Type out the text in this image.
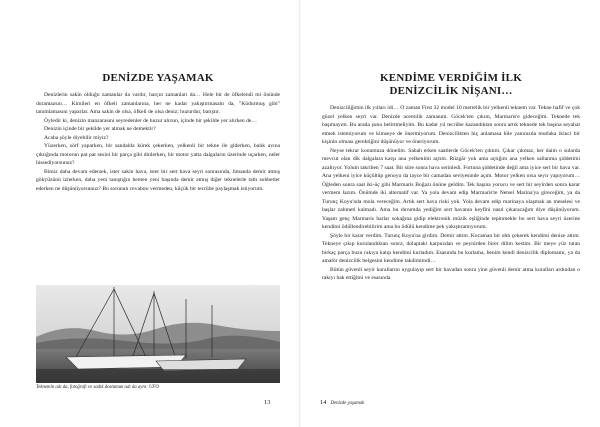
DENİZDE YAŞAMAK

Denizlerin sakin olduğu zamanlar da vardır, harçın zamanları da… Hele bir de öfkelendi mi önünde duramazsın… Kimileri en öfkeli zamanlarına, her ne kadar yakıştırmasam da, "Küdurmuş gibi" tanımlamasını yaparlar. Ama sakin de olsa, öfkeli de olsa deniz; huzurdur, barıştır.

Öyledir ki, denizin manzarasını seyredenler de huzur alırsın, içinde bir şekilde yer alırken de…

Denizin içinde bir şekilde yer almak ne demektir?

Acaba şöyle diyebilir miyiz?

Yüzerken, sörf yaparken, bir sandalda kürek çekerken, yelkenli bir tekne ile giderken, balık avına çıktığında motorun pat pat sesini bir parça gibi dinlerken, bir motor yatta dalgaların üzerinde uçarken, neler hissediyorsunuz?

Bimiz daha devam edersek, ister sakin hava, ister bir sert hava seyri sonrasında, limanda demir atmış gökyüzünü izlerken, daha yeni tanıştığın hemen yeni başında demir atmış diğer teknelerle tatlı sohbetler ederken ne düşünüyorsunuz? Bu sorunun cevabını vermeden, küçük bir tecrübe paylaşmak istiyorum.

Teknemin adı da, fotoğrafı ve sadık dostumun adı da aynı: UFO
13
KENDİME VERDİĞİM İLK
DENİZCİLİK NİŞANI…

Denizciliğimin ilk yılları idi… O zaman First 32 model 10 metrelik bir yelkenli teknem var. Tekne hafif ve çok güzel yelken seyri var. Denizde acemilik zamanım. Göcek'ten çıkım, Marmaris'e gideceğim. Teknede tek başımayım. Bu arada şunu belirtmeliyim. Bu kadar yıl tecrübe kazandıktan sonra artık teknede tek başına seyahat etmek istemiyorum ve kimseye de önermiyorum. Denizcilikten hiç anlamasa bile yanınızda mutlaka ikinci bir kişinin olması gerektiğini düşünüyor ve öneriyorum.

Neyse tekrar konumuza dönelim. Sabah erken saatlerde Göcek'ten çıktım. Çıkar çıkmaz, her daim o sularda mevcut olan dik dalgalara karşı ana yelkenimi açtım. Rüzgâr yok ama açtığım ana yelken sallanma şiddetimi azaltıyor. Yolum takriben 7 saat. Bir süre sonra hava serinledi. Fortuna şiddetinde değil ama iyice sert bir hava var. Ana yelkeni iyice küçültüp genoyu da tayce bir camadan seviyesinde açım. Motor yelken orsa seyir yapıyorum… Öğleden sonra saat iki-üç gibi Marmaris Boğazı önüne geldim. Tek başına yorucu ve sert bir seyirden sonra karar vermem lazım. Önümde iki alternatif var. Ya yola devam edip Marmaris'te Netsel Marina'ya gireceğim, ya da Turunç Koyu'nda mola vereceğim. Artık sert hava riski yok. Yola devam edip marinaya ulaşmak an meselesi ve başlar zahmeti kalmadı. Ama bu durumda yediğim sert havanın keyfini nasıl çıkaracağım diye düşünüyorum. Yaşam genç Marmaris barlar sokağına gidip elektronik müzik eşliğinde tepinmekle bu sert hava seyri üzerine kendimi ödüllendirebilirim ama bu ödülü kendime pek yakıştıramıyorum.

Şöyle bir karar verdim. Turunç Koyu'na girdim. Demir attım. Kocaman bir ohh çekerek kendimi denize attım. Tekneye çıkıp kurulandıktan sonra, dolaptaki karpuzdan ve peynirden birer dilim kestim. Bir meye yüz tutan birkaç parça buzu rakıya katıp kendimi kurladım. Esasında bu kurlama, benim kendi denizcilik diplomamı, ya da amatör denizcilik belgesini kendime takdimimdi…

Bütün güvenli seyir kurallarını uygulayıp sert bir havadan sonra yine güvenli demir atma kuralları ardından o rakıyı hak ettiğimi ve esasında

14 Denizde yaşamak
